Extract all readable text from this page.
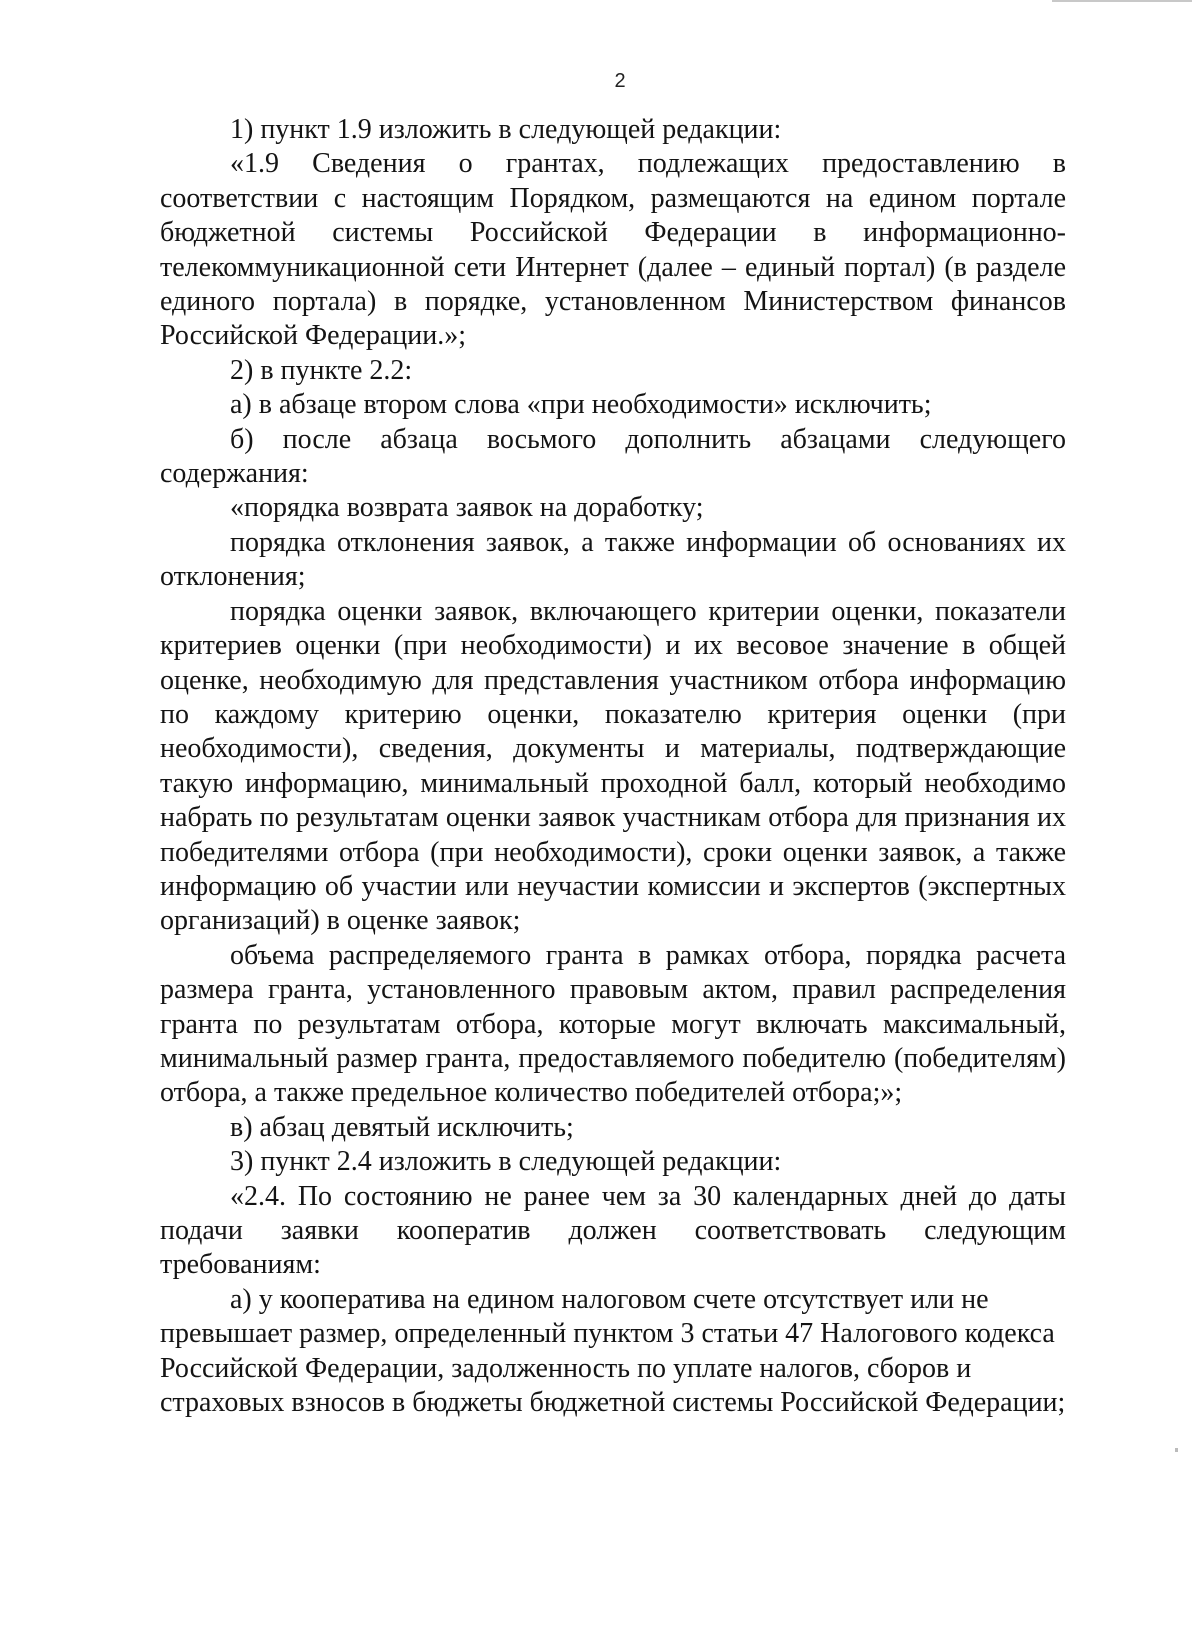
2

1) пункт 1.9 изложить в следующей редакции:

«1.9 Сведения о грантах, подлежащих предоставлению в соответствии с настоящим Порядком, размещаются на едином портале бюджетной системы Российской Федерации в информационно-телекоммуникационной сети Интернет (далее – единый портал) (в разделе единого портала) в порядке, установленном Министерством финансов Российской Федерации.»;

2) в пункте 2.2:

а) в абзаце втором слова «при необходимости» исключить;

б) после абзаца восьмого дополнить абзацами следующего содержания:

«порядка возврата заявок на доработку;

порядка отклонения заявок, а также информации об основаниях их отклонения;

порядка оценки заявок, включающего критерии оценки, показатели критериев оценки (при необходимости) и их весовое значение в общей оценке, необходимую для представления участником отбора информацию по каждому критерию оценки, показателю критерия оценки (при необходимости), сведения, документы и материалы, подтверждающие такую информацию, минимальный проходной балл, который необходимо набрать по результатам оценки заявок участникам отбора для признания их победителями отбора (при необходимости), сроки оценки заявок, а также информацию об участии или неучастии комиссии и экспертов (экспертных организаций) в оценке заявок;

объема распределяемого гранта в рамках отбора, порядка расчета размера гранта, установленного правовым актом, правил распределения гранта по результатам отбора, которые могут включать максимальный, минимальный размер гранта, предоставляемого победителю (победителям) отбора, а также предельное количество победителей отбора;»;

в) абзац девятый исключить;

3) пункт 2.4 изложить в следующей редакции:

«2.4. По состоянию не ранее чем за 30 календарных дней до даты подачи заявки кооператив должен соответствовать следующим требованиям:

а) у кооператива на едином налоговом счете отсутствует или не превышает размер, определенный пунктом 3 статьи 47 Налогового кодекса Российской Федерации, задолженность по уплате налогов, сборов и страховых взносов в бюджеты бюджетной системы Российской Федерации;
